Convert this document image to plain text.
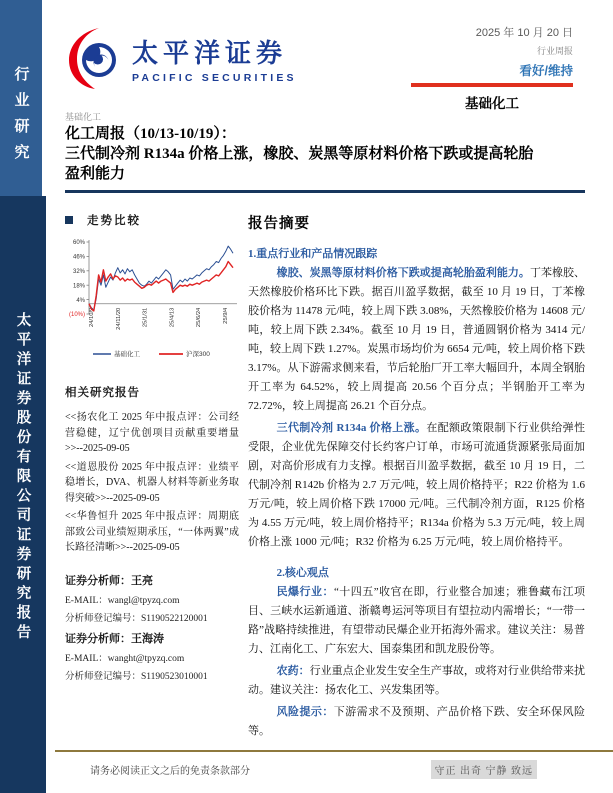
行业研究
太平洋证券股份有限公司证券研究报告
太平洋证券
PACIFIC SECURITIES
2025 年 10 月 20 日
行业周报
看好/维持
基础化工
基础化工
化工周报（10/13-10/19）：
三代制冷剂 R134a 价格上涨，橡胶、炭黑等原材料价格下跌或提高轮胎
盈利能力
走势比较
60%
46%
32%
18%
4%
(10%) 24/10/9	24/11/20	25/1/31	25/4/13	25/6/24	25/9/4
基础化工	沪深300
相关研究报告
<<扬农化工 2025 年中报点评：公司经营稳健，辽宁优创项目贡献重要增量>>--2025-09-05
<<道恩股份 2025 年中报点评：业绩平稳增长，DVA、机器人材料等新业务取得突破>>--2025-09-05
<<华鲁恒升 2025 年中报点评：周期底部致公司业绩短期承压，“一体两翼”成长路径清晰>>--2025-09-05
证券分析师：王亮
E-MAIL：wangl@tpyzq.com
分析师登记编号：S1190522120001
证券分析师：王海涛
E-MAIL：wanght@tpyzq.com
分析师登记编号：S1190523010001
报告摘要
1.重点行业和产品情况跟踪

橡胶、炭黑等原材料价格下跌或提高轮胎盈利能力。丁苯橡胶、天然橡胶价格环比下跌。据百川盈孚数据，截至 10 月 19 日，丁苯橡胶价格为 11478 元/吨，较上周下跌 3.08%，天然橡胶价格为 14608 元/吨，较上周下跌 2.34%。截至 10 月 19 日，普通圆钢价格为 3414 元/吨，较上周下跌 1.27%。炭黑市场均价为 6654 元/吨，较上周价格下跌 3.17%。从下游需求侧来看，节后轮胎厂开工率大幅回升，本周全钢胎开工率为 64.52%，较上周提高 20.56 个百分点；半钢胎开工率为 72.72%，较上周提高 26.21 个百分点。

三代制冷剂 R134a 价格上涨。在配额政策限制下行业供给弹性受限，企业优先保障交付长约客户订单，市场可流通货源紧张局面加剧，对高价形成有力支撑。根据百川盈孚数据，截至 10 月 19 日，二代制冷剂 R142b 价格为 2.7 万元/吨，较上周价格持平；R22 价格为 1.6 万元/吨，较上周价格下跌 17000 元/吨。三代制冷剂方面，R125 价格为 4.55 万元/吨，较上周价格持平；R134a 价格为 5.3 万元/吨，较上周价格上涨 1000 元/吨；R32 价格为 6.25 万元/吨，较上周价格持平。

2.核心观点

民爆行业：“十四五”收官在即，行业整合加速；雅鲁藏布江项目、三峡水运新通道、浙赣粤运河等项目有望拉动内需增长；“一带一路”战略持续推进，有望带动民爆企业开拓海外需求。建议关注：易普力、江南化工、广东宏大、国泰集团和凯龙股份等。

农药：行业重点企业发生安全生产事故，或将对行业供给带来扰动。建议关注：扬农化工、兴发集团等。

风险提示：下游需求不及预期、产品价格下跌、安全环保风险等。

请务必阅读正文之后的免责条款部分	守正 出奇 宁静 致远
